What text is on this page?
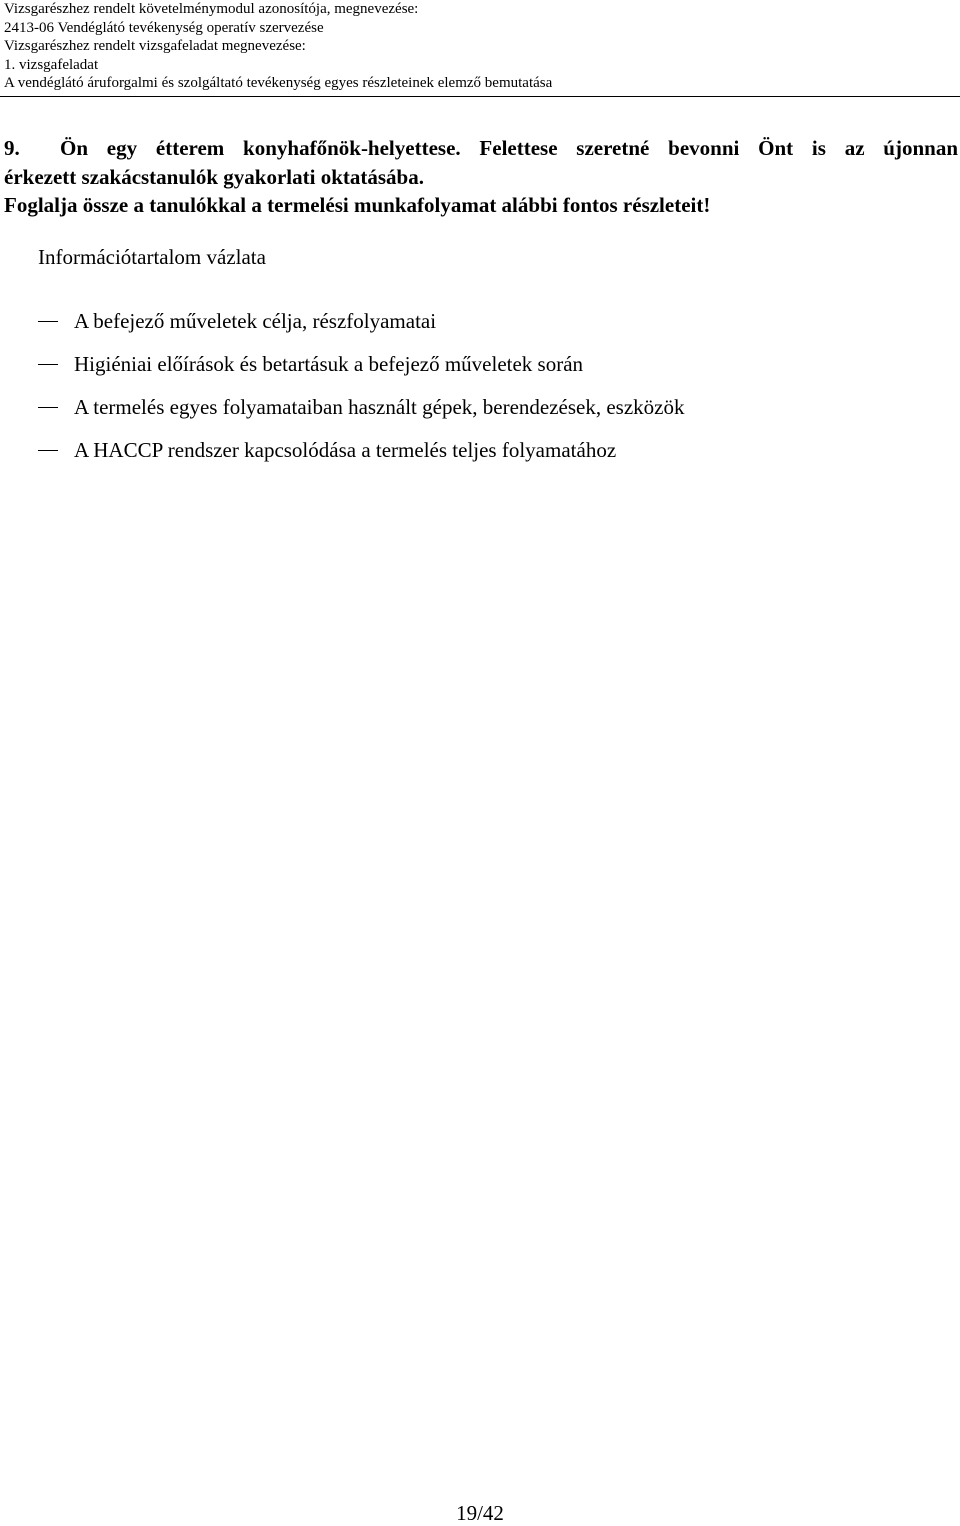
Vizsgarészhez rendelt követelménymodul azonosítója, megnevezése:
2413-06 Vendéglátó tevékenység operatív szervezése
Vizsgarészhez rendelt vizsgafeladat megnevezése:
1. vizsgafeladat
A vendéglátó áruforgalmi és szolgáltató tevékenység egyes részleteinek elemző bemutatása
9.	Ön egy étterem konyhafőnök-helyettese. Felettese szeretné bevonni Önt is az újonnan
érkezett szakácstanulók gyakorlati oktatásába.
Foglalja össze a tanulókkal a termelési munkafolyamat alábbi fontos részleteit!
Információtartalom vázlata
A befejező műveletek célja, részfolyamatai
Higiéniai előírások és betartásuk a befejező műveletek során
A termelés egyes folyamataiban használt gépek, berendezések, eszközök
A HACCP rendszer kapcsolódása a termelés teljes folyamatához
19/42
